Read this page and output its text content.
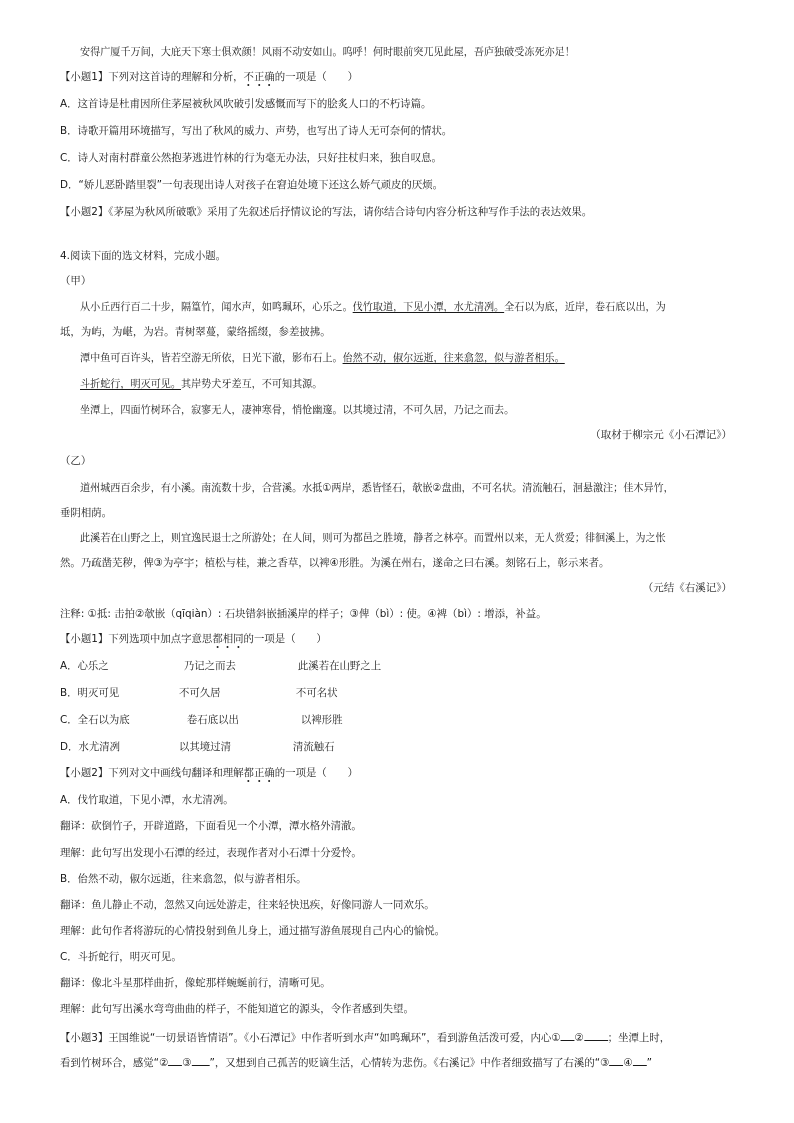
安得广厦千万间，大庇天下寒士俱欢颜！风雨不动安如山。呜呼！何时眼前突兀见此屋，吾庐独破受冻死亦足！
【小题1】下列对这首诗的理解和分析，不正确的一项是（　　）
A．这首诗是杜甫因所住茅屋被秋风吹破引发感慨而写下的脍炙人口的不朽诗篇。
B．诗歌开篇用环境描写，写出了秋风的威力、声势，也写出了诗人无可奈何的情状。
C．诗人对南村群童公然抱茅逃进竹林的行为毫无办法，只好拄杖归来，独自叹息。
D．“娇儿恶卧踏里裂”一句表现出诗人对孩子在窘迫处境下还这么娇气顽皮的厌烦。
【小题2】《茅屋为秋风所破歌》采用了先叙述后抒情议论的写法，请你结合诗句内容分析这种写作手法的表达效果。
4.阅读下面的选文材料，完成小题。
（甲）
从小丘西行百二十步，隔篁竹，闻水声，如鸣珮环，心乐之。伐竹取道，下见小潭，水尤清冽。全石以为底，近岸，卷石底以出，为
坻，为屿，为嵁，为岩。青树翠蔓，蒙络摇缀，参差披拂。
潭中鱼可百许头，皆若空游无所依，日光下澈，影布石上。佁然不动，俶尔远逝，往来翕忽，似与游者相乐。
斗折蛇行，明灭可见。其岸势犬牙差互，不可知其源。
坐潭上，四面竹树环合，寂寥无人，凄神寒骨，悄怆幽邃。以其境过清，不可久居，乃记之而去。
（取材于柳宗元《小石潭记》）
（乙）
道州城西百余步，有小溪。南流数十步，合营溪。水抵①两岸，悉皆怪石，欹嵌②盘曲，不可名状。清流触石，洄悬激注；佳木异竹，
垂阴相荫。
此溪若在山野之上，则宜逸民退士之所游处；在人间，则可为都邑之胜境，静者之林亭。而置州以来，无人赏爱；徘徊溪上，为之怅
然。乃疏凿芜秽，俾③为亭宇；植松与桂，兼之香草，以裨④形胜。为溪在州右，遂命之曰右溪。刻铭石上，彰示来者。
（元结《右溪记》）
注释: ①抵: 击拍②欹嵌（qīqiàn）: 石块错斜嵌插溪岸的样子；③俾（bì）: 使。④裨（bì）: 增添，补益。
【小题1】下列选项中加点字意思都相同的一项是（　　）
A．心乐之	乃记之而去	此溪若在山野之上
B．明灭可见	不可久居	不可名状
C．全石以为底	卷石底以出	以裨形胜
D．水尤清冽	以其境过清	清流触石
【小题2】下列对文中画线句翻译和理解都正确的一项是（　　）
A．伐竹取道，下见小潭，水尤清冽。
翻译：砍倒竹子，开辟道路，下面看见一个小潭，潭水格外清澈。
理解：此句写出发现小石潭的经过，表现作者对小石潭十分爱怜。
B．佁然不动，俶尔远逝，往来翕忽，似与游者相乐。
翻译：鱼儿静止不动，忽然又向远处游走，往来轻快迅疾，好像同游人一同欢乐。
理解：此句作者将游玩的心情投射到鱼儿身上，通过描写游鱼展现自己内心的愉悦。
C．斗折蛇行，明灭可见。
翻译：像北斗星那样曲折，像蛇那样蜿蜒前行，清晰可见。
理解：此句写出溪水弯弯曲曲的样子，不能知道它的源头，令作者感到失望。
【小题3】王国维说“一切景语皆情语”。《小石潭记》中作者听到水声“如鸣珮环”，看到游鱼活泼可爱，内心① ② ；坐潭上时，
看到竹树环合，感觉“② ③ ”，又想到自己孤苦的贬谪生活，心情转为悲伤。《右溪记》中作者细致描写了右溪的“③ ④ ”
